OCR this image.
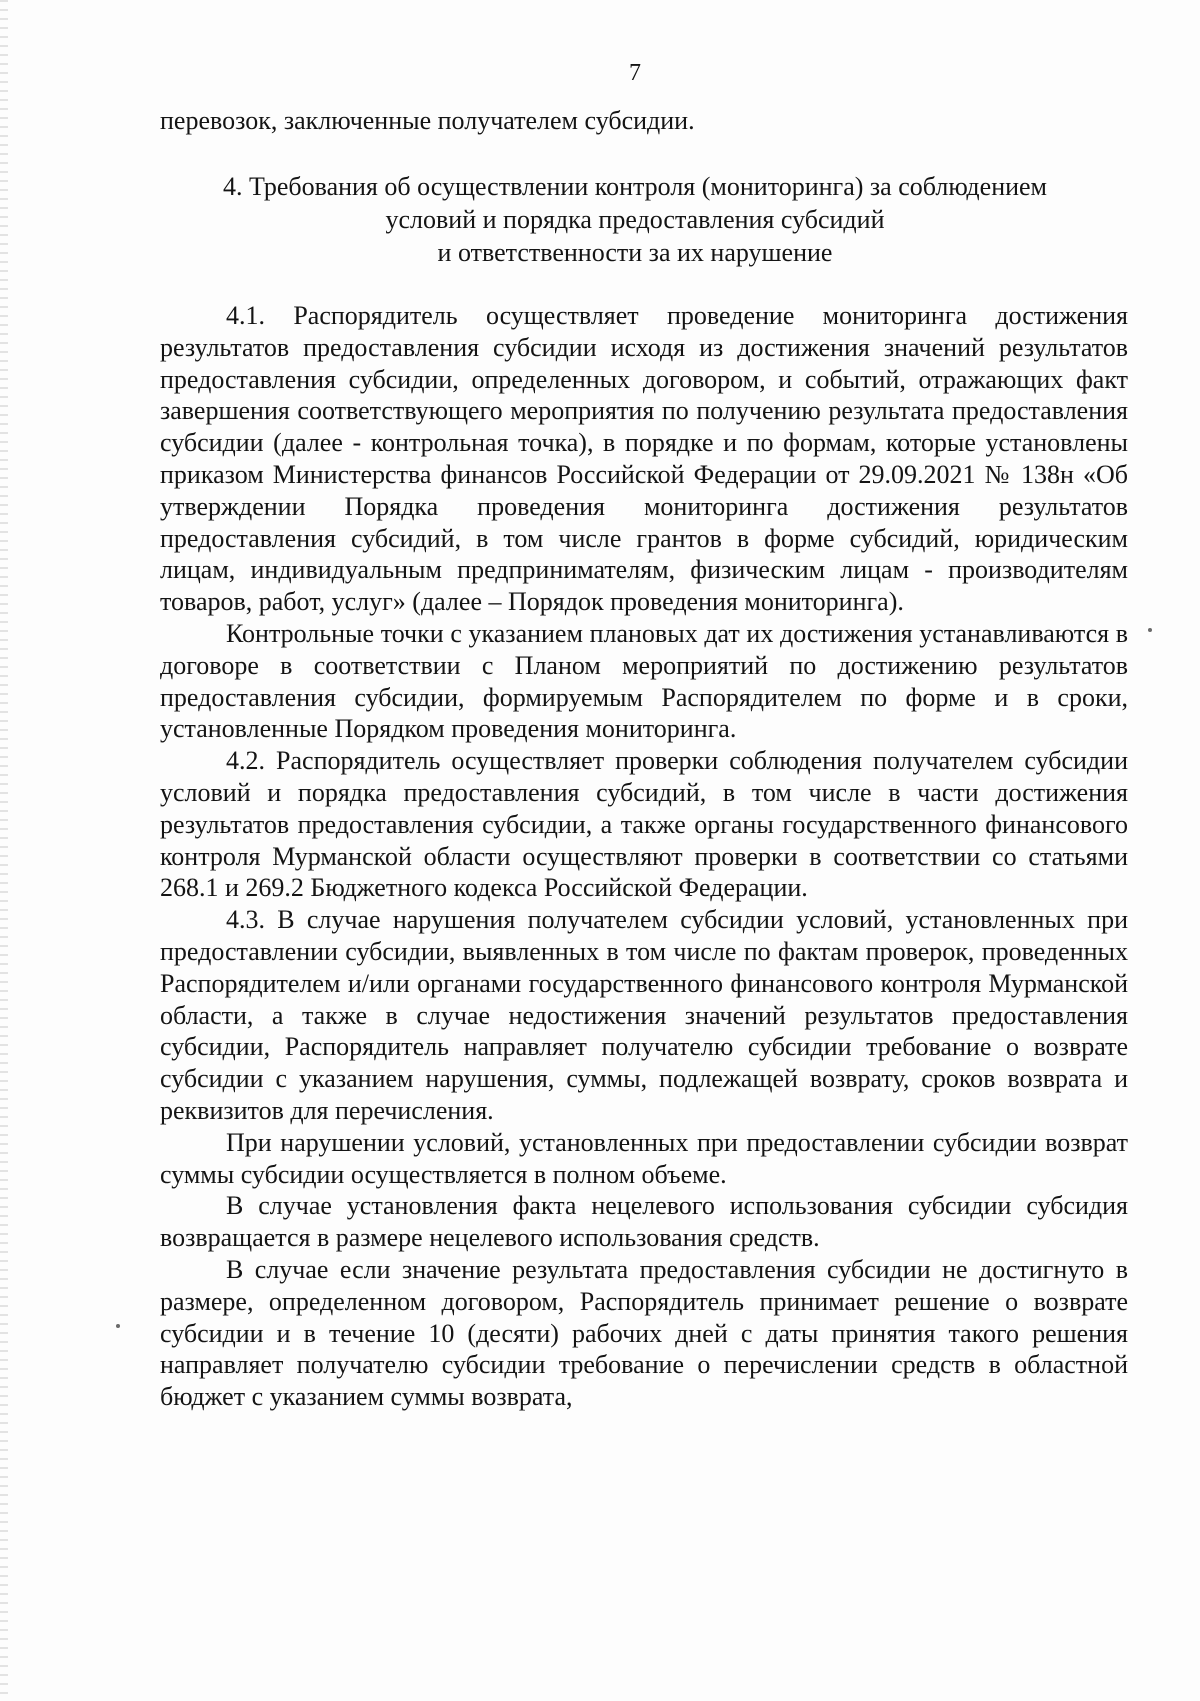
7
перевозок, заключенные получателем субсидии.
4. Требования об осуществлении контроля (мониторинга) за соблюдением
условий и порядка предоставления субсидий
и ответственности за их нарушение

4.1. Распорядитель осуществляет проведение мониторинга достижения результатов предоставления субсидии исходя из достижения значений результатов предоставления субсидии, определенных договором, и событий, отражающих факт завершения соответствующего мероприятия по получению результата предоставления субсидии (далее - контрольная точка), в порядке и по формам, которые установлены приказом Министерства финансов Российской Федерации от 29.09.2021 № 138н «Об утверждении Порядка проведения мониторинга достижения результатов предоставления субсидий, в том числе грантов в форме субсидий, юридическим лицам, индивидуальным предпринимателям, физическим лицам - производителям товаров, работ, услуг» (далее – Порядок проведения мониторинга).

Контрольные точки с указанием плановых дат их достижения устанавливаются в договоре в соответствии с Планом мероприятий по достижению результатов предоставления субсидии, формируемым Распорядителем по форме и в сроки, установленные Порядком проведения мониторинга.

4.2. Распорядитель осуществляет проверки соблюдения получателем субсидии условий и порядка предоставления субсидий, в том числе в части достижения результатов предоставления субсидии, а также органы государственного финансового контроля Мурманской области осуществляют проверки в соответствии со статьями 268.1 и 269.2 Бюджетного кодекса Российской Федерации.

4.3. В случае нарушения получателем субсидии условий, установленных при предоставлении субсидии, выявленных в том числе по фактам проверок, проведенных Распорядителем и/или органами государственного финансового контроля Мурманской области, а также в случае недостижения значений результатов предоставления субсидии, Распорядитель направляет получателю субсидии требование о возврате субсидии с указанием нарушения, суммы, подлежащей возврату, сроков возврата и реквизитов для перечисления.

При нарушении условий, установленных при предоставлении субсидии возврат суммы субсидии осуществляется в полном объеме.

В случае установления факта нецелевого использования субсидии субсидия возвращается в размере нецелевого использования средств.

В случае если значение результата предоставления субсидии не достигнуто в размере, определенном договором, Распорядитель принимает решение о возврате субсидии и в течение 10 (десяти) рабочих дней с даты принятия такого решения направляет получателю субсидии требование о перечислении средств в областной бюджет с указанием суммы возврата,
